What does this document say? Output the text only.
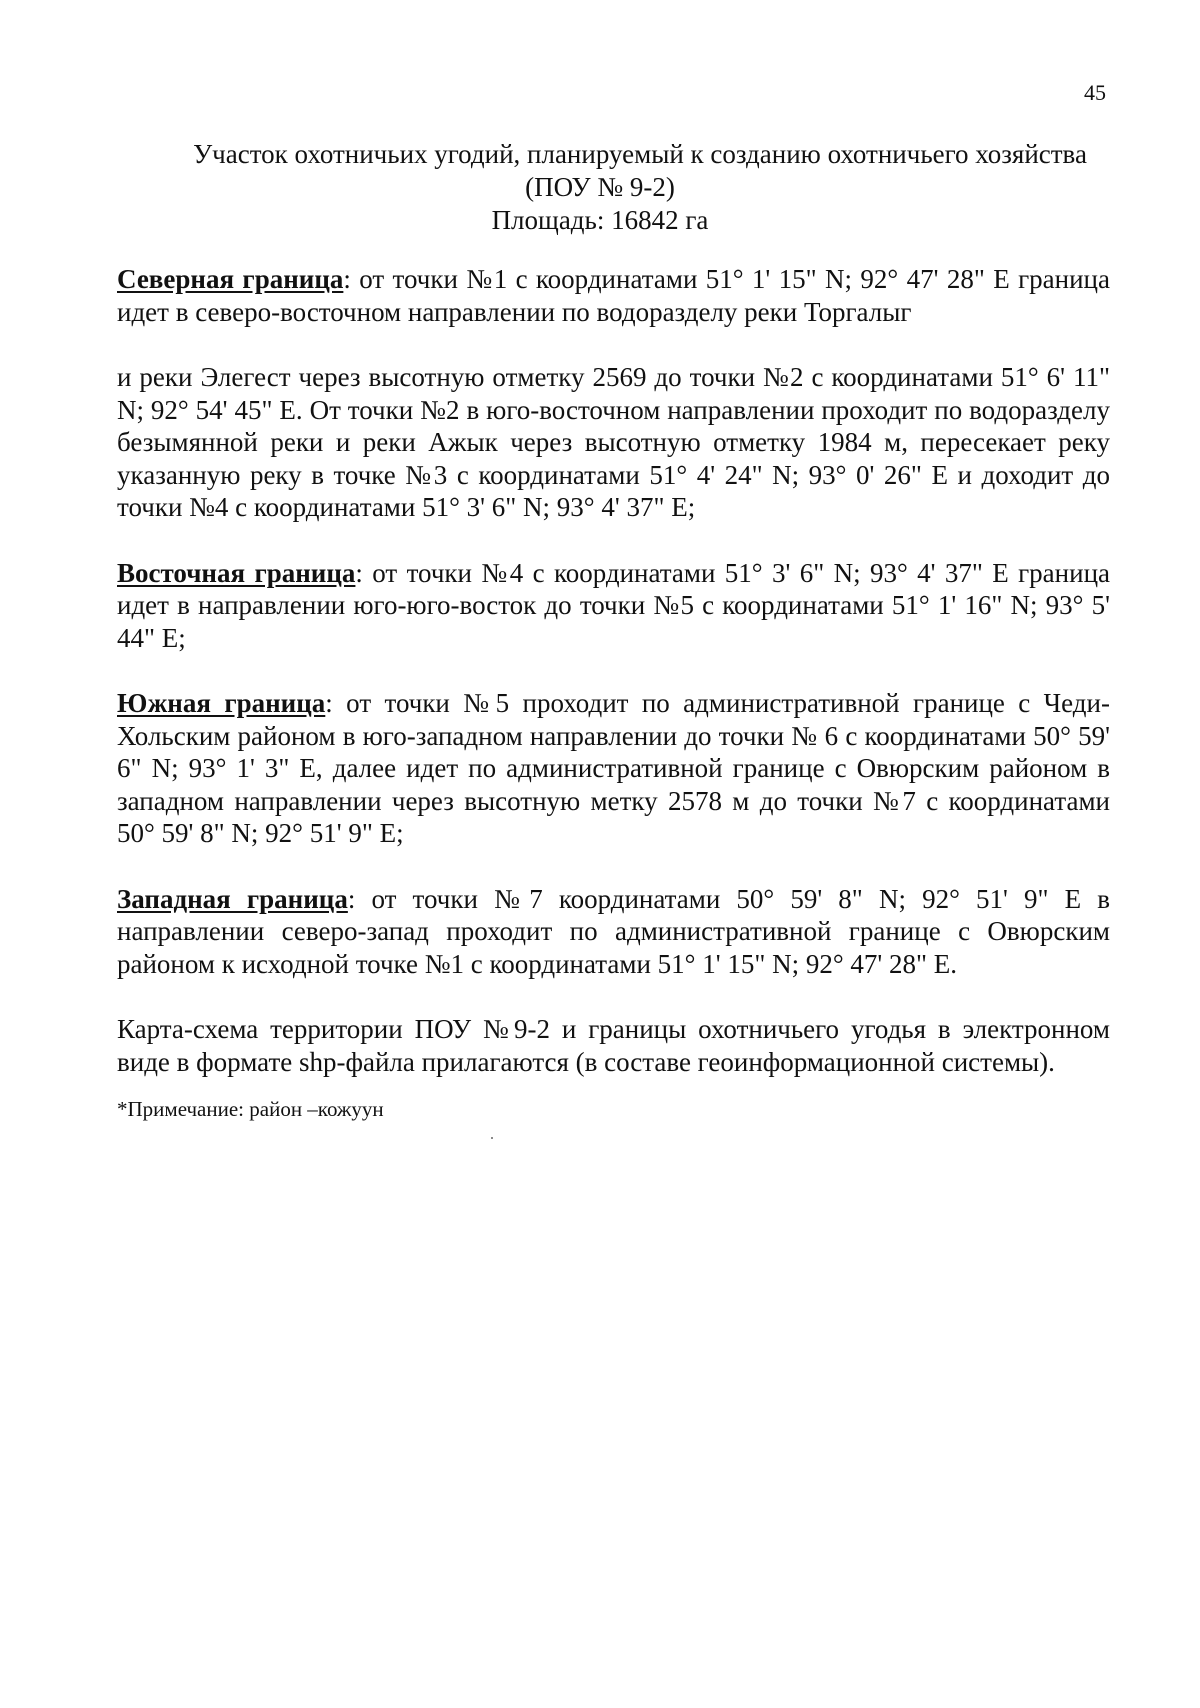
45
Участок охотничьих угодий, планируемый к созданию охотничьего хозяйства
(ПОУ № 9-2)
Площадь: 16842 га

Северная граница: от точки №1 с координатами 51° 1' 15" N; 92° 47' 28" E граница идет в северо-восточном направлении по водоразделу реки Торгалыг

и реки Элегест через высотную отметку 2569 до точки №2 с координатами 51° 6' 11" N; 92° 54' 45" E. От точки №2 в юго-восточном направлении проходит по водоразделу безымянной реки и реки Ажык через высотную отметку 1984 м, пересекает реку указанную реку в точке №3 с координатами 51° 4' 24" N; 93° 0' 26" E и доходит до точки №4 с координатами 51° 3' 6" N; 93° 4' 37" E;

Восточная граница: от точки №4 с координатами 51° 3' 6" N; 93° 4' 37" E граница идет в направлении юго-юго-восток до точки №5 с координатами 51° 1' 16" N; 93° 5' 44" E;

Южная граница: от точки №5 проходит по административной границе с Чеди-Хольским районом в юго-западном направлении до точки № 6 с координатами 50° 59' 6" N; 93° 1' 3" E, далее идет по административной границе с Овюрским районом в западном направлении через высотную метку 2578 м до точки №7 с координатами 50° 59' 8" N; 92° 51' 9" E;

Западная граница: от точки №7 координатами 50° 59' 8" N; 92° 51' 9" E в направлении северо-запад проходит по административной границе с Овюрским районом к исходной точке №1 с координатами 51° 1' 15" N; 92° 47' 28" E.

Карта-схема территории ПОУ №9-2 и границы охотничьего угодья в электронном виде в формате shp-файла прилагаются (в составе геоинформационной системы).

*Примечание: район –кожуун
